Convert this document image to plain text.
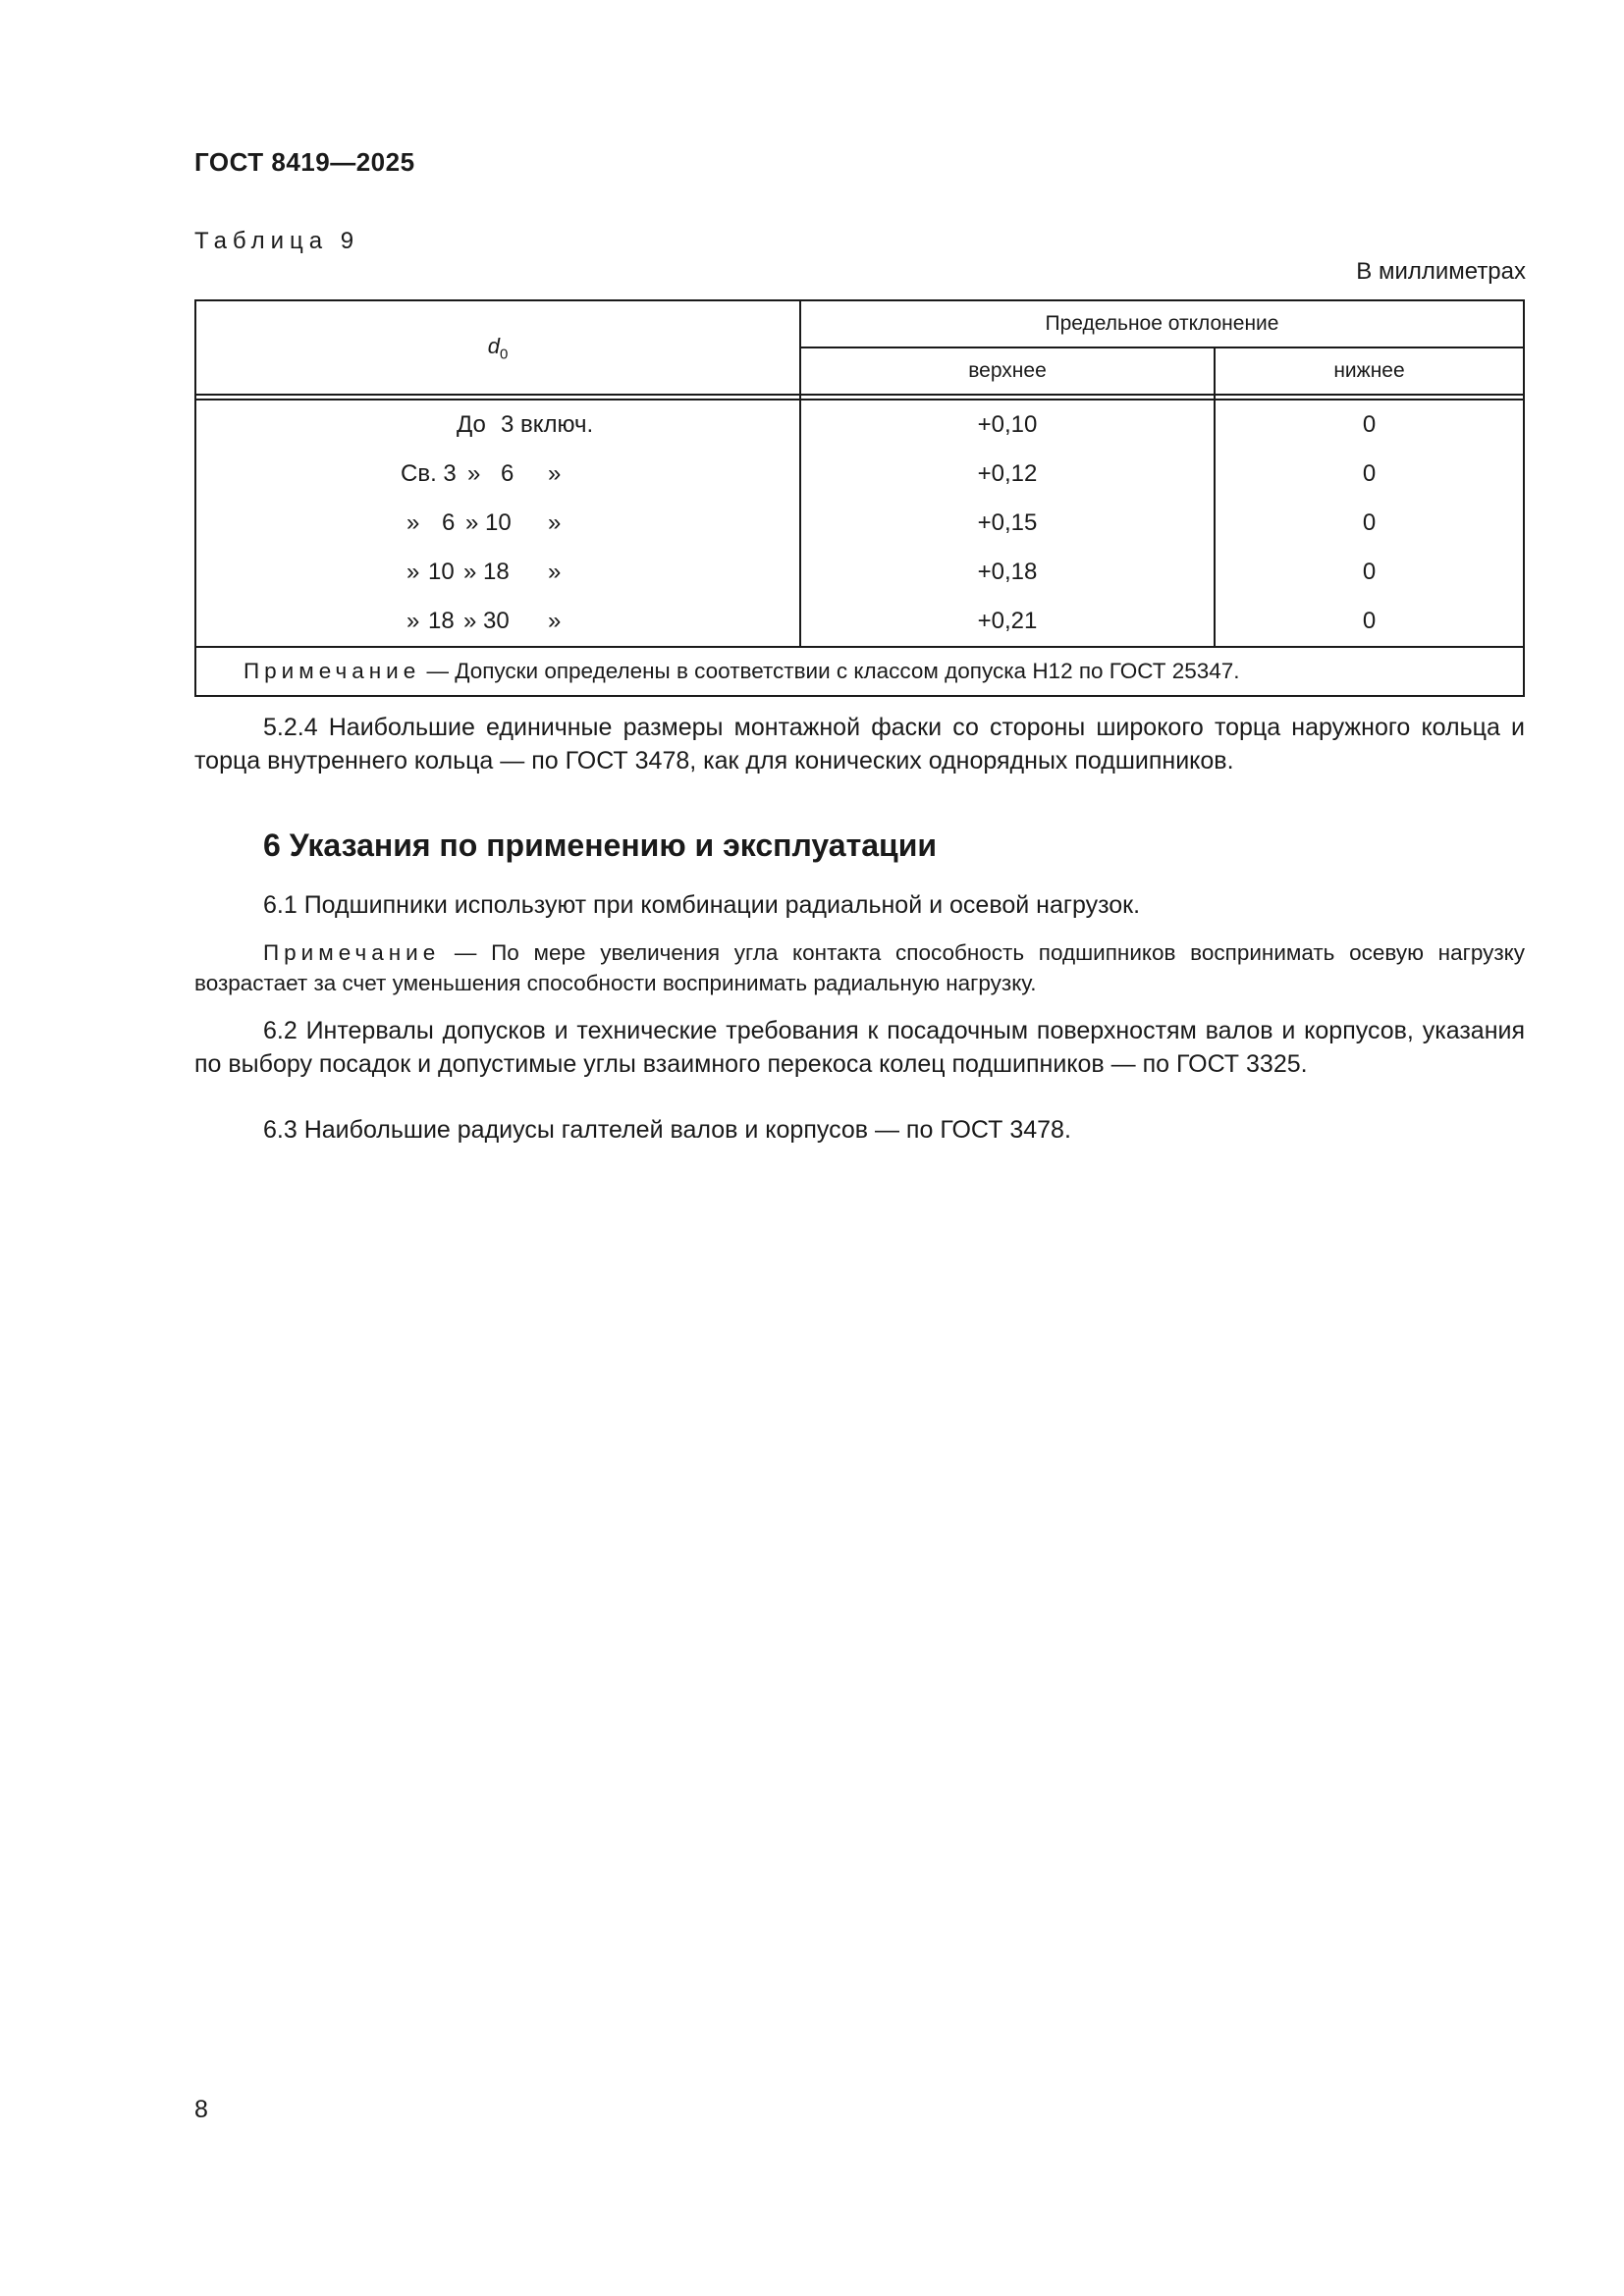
ГОСТ 8419—2025
Таблица 9
В миллиметрах
$d_0$	Предельное отклонение	
	верхнее	нижнее

До 3 включ.	+0,10	0

Св. 3 » 6 »	+0,12	0

» 6 » 10 »	+0,15	0

» 10 » 18 »	+0,18	0

» 18 » 30 »	+0,21	0
Примечание — Допуски определены в соответствии с классом допуска H12 по ГОСТ 25347.		

5.2.4 Наибольшие единичные размеры монтажной фаски со стороны широкого торца наружного кольца и торца внутреннего кольца — по ГОСТ 3478, как для конических однорядных подшипников.

6 Указания по применению и эксплуатации

6.1 Подшипники используют при комбинации радиальной и осевой нагрузок.

Примечание — По мере увеличения угла контакта способность подшипников воспринимать осевую нагрузку возрастает за счет уменьшения способности воспринимать радиальную нагрузку.

6.2 Интервалы допусков и технические требования к посадочным поверхностям валов и корпусов, указания по выбору посадок и допустимые углы взаимного перекоса колец подшипников — по ГОСТ 3325.

6.3 Наибольшие радиусы галтелей валов и корпусов — по ГОСТ 3478.

8
